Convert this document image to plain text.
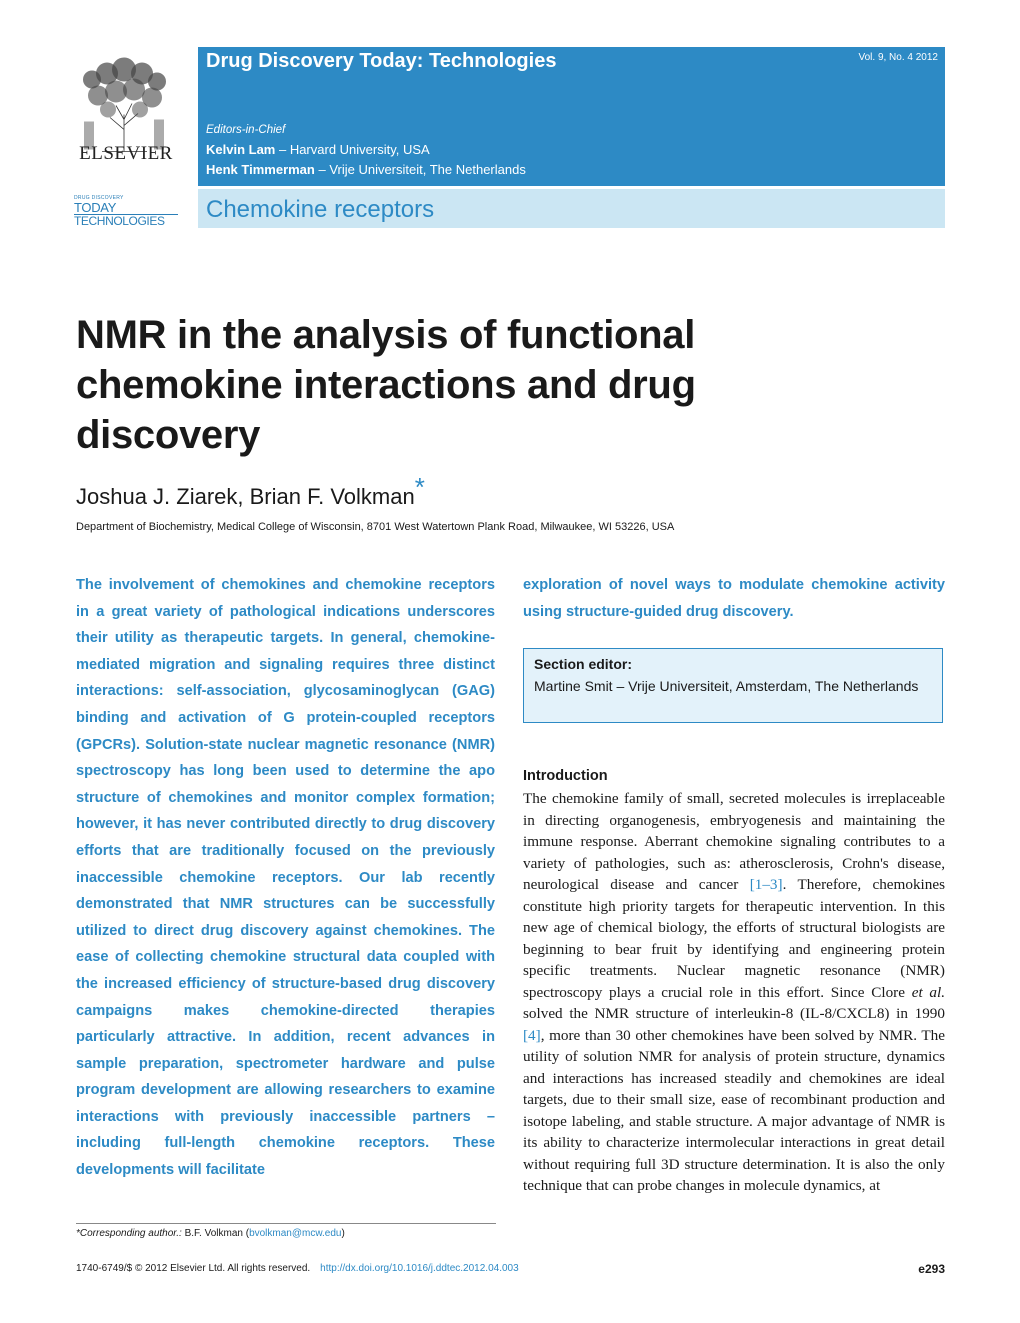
ELSEVIER
DRUG DISCOVERY
TODAY
TECHNOLOGIES
Drug Discovery Today: Technologies	Vol. 9, No. 4 2012
Editors-in-Chief
Kelvin Lam – Harvard University, USA
Henk Timmerman – Vrije Universiteit, The Netherlands
Chemokine receptors
NMR in the analysis of functional chemokine interactions and drug discovery
Joshua J. Ziarek, Brian F. Volkman*
Department of Biochemistry, Medical College of Wisconsin, 8701 West Watertown Plank Road, Milwaukee, WI 53226, USA
The involvement of chemokines and chemokine receptors in a great variety of pathological indications underscores their utility as therapeutic targets. In general, chemokine-mediated migration and signaling requires three distinct interactions: self-association, glycosaminoglycan (GAG) binding and activation of G protein-coupled receptors (GPCRs). Solution-state nuclear magnetic resonance (NMR) spectroscopy has long been used to determine the apo structure of chemokines and monitor complex formation; however, it has never contributed directly to drug discovery efforts that are traditionally focused on the previously inaccessible chemokine receptors. Our lab recently demonstrated that NMR structures can be successfully utilized to direct drug discovery against chemokines. The ease of collecting chemokine structural data coupled with the increased efficiency of structure-based drug discovery campaigns makes chemokine-directed therapies particularly attractive. In addition, recent advances in sample preparation, spectrometer hardware and pulse program development are allowing researchers to examine interactions with previously inaccessible partners – including full-length chemokine receptors. These developments will facilitate
exploration of novel ways to modulate chemokine activity using structure-guided drug discovery.
Section editor:
Martine Smit – Vrije Universiteit, Amsterdam, The Netherlands
Introduction
The chemokine family of small, secreted molecules is irreplaceable in directing organogenesis, embryogenesis and maintaining the immune response. Aberrant chemokine signaling contributes to a variety of pathologies, such as: atherosclerosis, Crohn's disease, neurological disease and cancer [1–3]. Therefore, chemokines constitute high priority targets for therapeutic intervention. In this new age of chemical biology, the efforts of structural biologists are beginning to bear fruit by identifying and engineering protein specific treatments. Nuclear magnetic resonance (NMR) spectroscopy plays a crucial role in this effort. Since Clore et al. solved the NMR structure of interleukin-8 (IL-8/CXCL8) in 1990 [4], more than 30 other chemokines have been solved by NMR. The utility of solution NMR for analysis of protein structure, dynamics and interactions has increased steadily and chemokines are ideal targets, due to their small size, ease of recombinant production and isotope labeling, and stable structure. A major advantage of NMR is its ability to characterize intermolecular interactions in great detail without requiring full 3D structure determination. It is also the only technique that can probe changes in molecule dynamics, at
*Corresponding author.: B.F. Volkman (bvolkman@mcw.edu)
1740-6749/$ © 2012 Elsevier Ltd. All rights reserved. http://dx.doi.org/10.1016/j.ddtec.2012.04.003	e293
